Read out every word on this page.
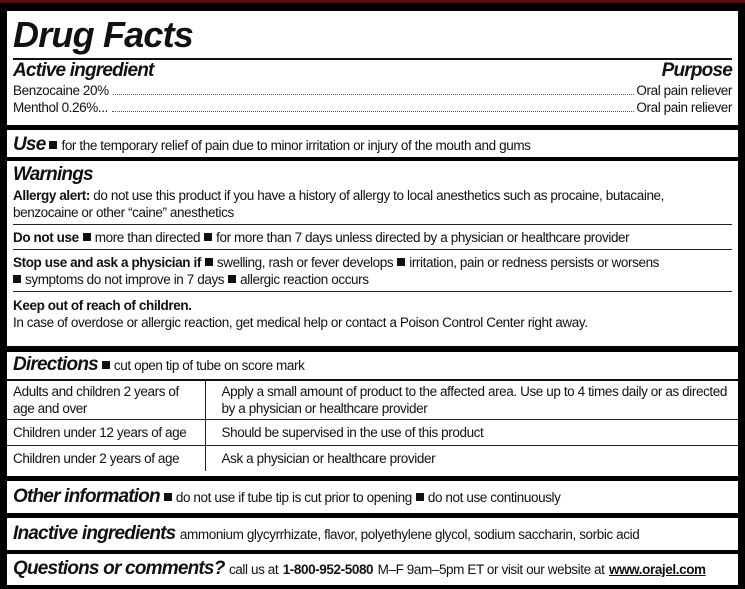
Drug Facts
Active ingredient	Purpose
Benzocaine 20%	Oral pain reliever
Menthol 0.26%...	Oral pain reliever
Use for the temporary relief of pain due to minor irritation or injury of the mouth and gums
Warnings
Allergy alert: do not use this product if you have a history of allergy to local anesthetics such as procaine, butacaine, benzocaine or other “caine” anesthetics
Do not use more than directed for more than 7 days unless directed by a physician or healthcare provider
Stop use and ask a physician if swelling, rash or fever develops irritation, pain or redness persists or worsens
symptoms do not improve in 7 days allergic reaction occurs
Keep out of reach of children.
In case of overdose or allergic reaction, get medical help or contact a Poison Control Center right away.
Directions cut open tip of tube on score mark
Adults and children 2 years of age and over	Apply a small amount of product to the affected area. Use up to 4 times daily or as directed by a physician or healthcare provider
Children under 12 years of age	Should be supervised in the use of this product
Children under 2 years of age	Ask a physician or healthcare provider
Other information do not use if tube tip is cut prior to opening do not use continuously
Inactive ingredients ammonium glycyrrhizate, flavor, polyethylene glycol, sodium saccharin, sorbic acid
Questions or comments? call us at 1-800-952-5080 M–F 9am–5pm ET or visit our website at www.orajel.com
